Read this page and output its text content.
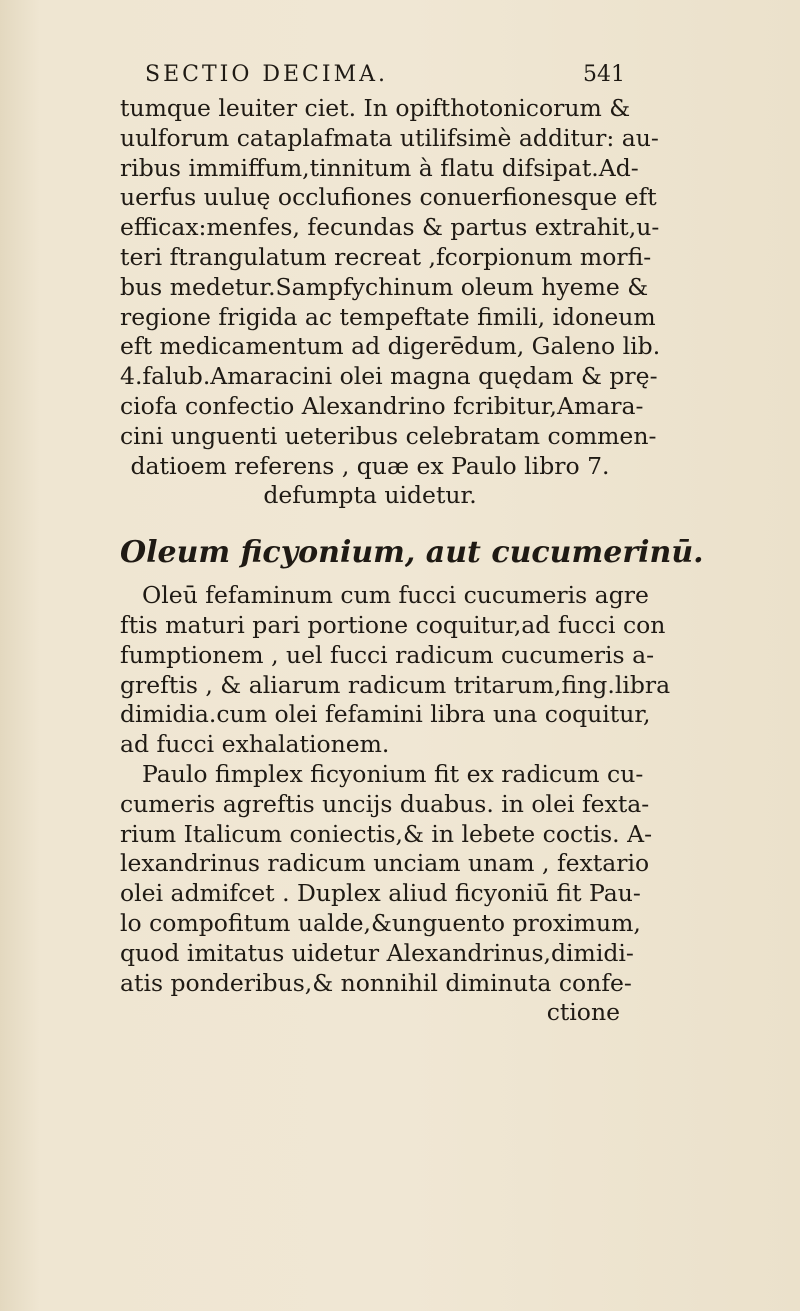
SECTIO DECIMA.	541
tumque leuiter ciet. In opifthotonicorum &
uulforum cataplafmata utilifsimè additur: au-
ribus immiffum,tinnitum à flatu difsipat.Ad-
uerfus uuluę occlufiones conuerfionesque eft
efficax:menfes, fecundas & partus extrahit,u-
teri ftrangulatum recreat ,fcorpionum morfi-
bus medetur.Sampfychinum oleum hyeme &
regione frigida ac tempeftate fimili, idoneum
eft medicamentum ad digerēdum, Galeno lib.
4.falub.Amaracini olei magna quędam & prę-
ciofa confectio Alexandrino fcribitur,Amara-
cini unguenti ueteribus celebratam commen-
datioem referens , quæ ex Paulo libro 7.
defumpta uidetur.
Oleum ficyonium, aut cucumerinū.
Oleū fefaminum cum fucci cucumeris agre
ftis maturi pari portione coquitur,ad fucci con
fumptionem , uel fucci radicum cucumeris a-
greftis , & aliarum radicum tritarum,fing.libra
dimidia.cum olei fefamini libra una coquitur,
ad fucci exhalationem.
Paulo fimplex ficyonium fit ex radicum cu-
cumeris agreftis uncijs duabus. in olei fexta-
rium Italicum coniectis,& in lebete coctis. A-
lexandrinus radicum unciam unam , fextario
olei admifcet . Duplex aliud ficyoniū fit Pau-
lo compofitum ualde,&unguento proximum,
quod imitatus uidetur Alexandrinus,dimidi-
atis ponderibus,& nonnihil diminuta confe-
ctione
